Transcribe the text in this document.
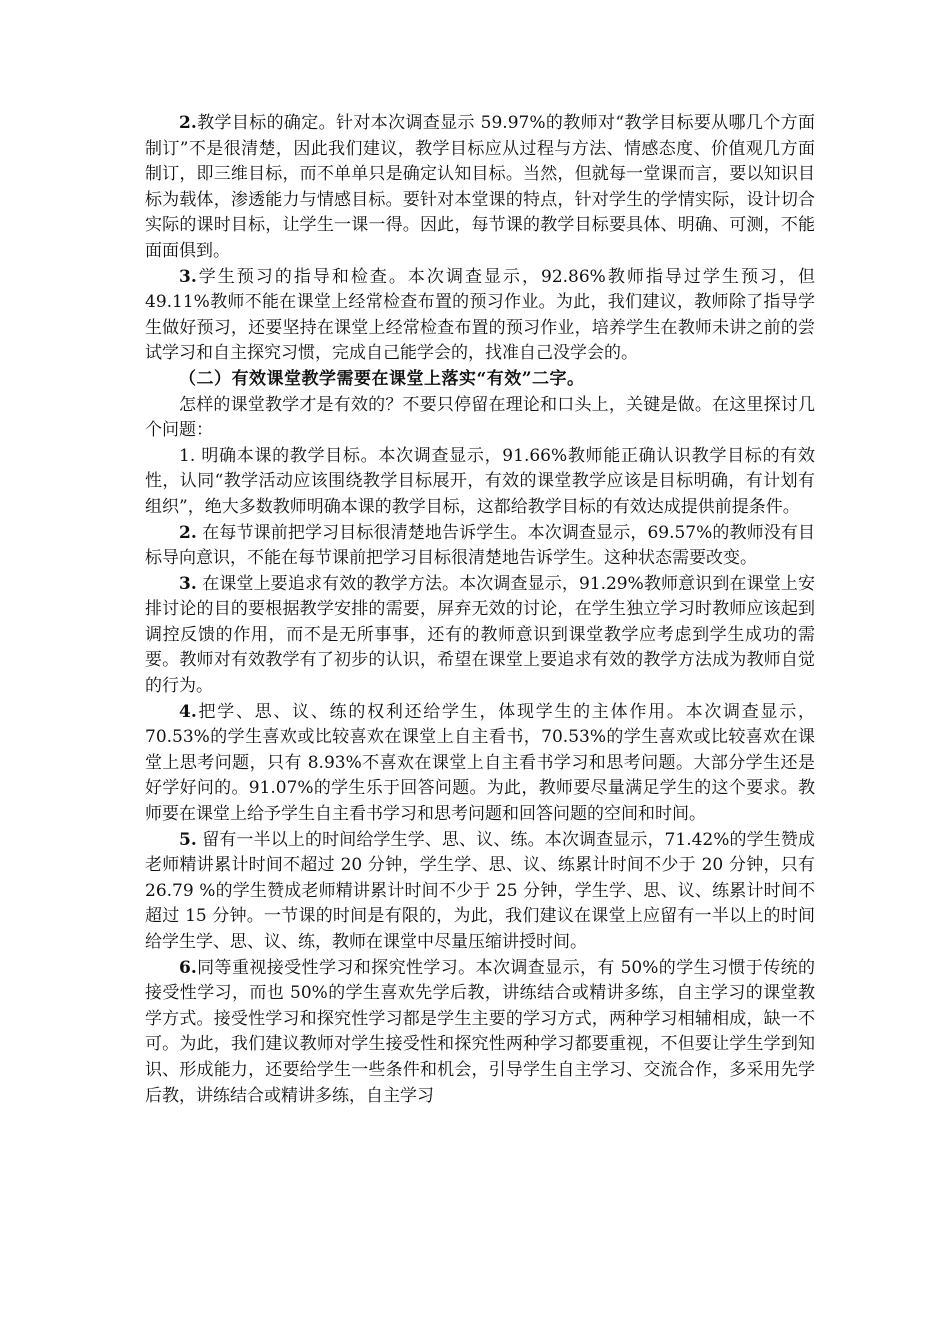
2.教学目标的确定。针对本次调查显示 59.97%的教师对“教学目标要从哪几个方面制订”不是很清楚，因此我们建议，教学目标应从过程与方法、情感态度、价值观几方面制订，即三维目标，而不单单只是确定认知目标。当然，但就每一堂课而言，要以知识目标为载体，渗透能力与情感目标。要针对本堂课的特点，针对学生的学情实际，设计切合实际的课时目标，让学生一课一得。因此，每节课的教学目标要具体、明确、可测，不能面面俱到。

3.学生预习的指导和检查。本次调查显示，92.86%教师指导过学生预习，但49.11%教师不能在课堂上经常检查布置的预习作业。为此，我们建议，教师除了指导学生做好预习，还要坚持在课堂上经常检查布置的预习作业，培养学生在教师未讲之前的尝试学习和自主探究习惯，完成自己能学会的，找准自己没学会的。

（二）有效课堂教学需要在课堂上落实“有效”二字。

怎样的课堂教学才是有效的？不要只停留在理论和口头上，关键是做。在这里探讨几个问题：

1. 明确本课的教学目标。本次调查显示，91.66%教师能正确认识教学目标的有效性，认同“教学活动应该围绕教学目标展开，有效的课堂教学应该是目标明确，有计划有组织”，绝大多数教师明确本课的教学目标，这都给教学目标的有效达成提供前提条件。

2. 在每节课前把学习目标很清楚地告诉学生。本次调查显示，69.57%的教师没有目标导向意识，不能在每节课前把学习目标很清楚地告诉学生。这种状态需要改变。

3. 在课堂上要追求有效的教学方法。本次调查显示，91.29%教师意识到在课堂上安排讨论的目的要根据教学安排的需要，屏弃无效的讨论，在学生独立学习时教师应该起到调控反馈的作用，而不是无所事事，还有的教师意识到课堂教学应考虑到学生成功的需要。教师对有效教学有了初步的认识，希望在课堂上要追求有效的教学方法成为教师自觉的行为。

4.把学、思、议、练的权利还给学生，体现学生的主体作用。本次调查显示，70.53%的学生喜欢或比较喜欢在课堂上自主看书，70.53%的学生喜欢或比较喜欢在课堂上思考问题，只有 8.93%不喜欢在课堂上自主看书学习和思考问题。大部分学生还是好学好问的。91.07%的学生乐于回答问题。为此，教师要尽量满足学生的这个要求。教师要在课堂上给予学生自主看书学习和思考问题和回答问题的空间和时间。

5. 留有一半以上的时间给学生学、思、议、练。本次调查显示，71.42%的学生赞成老师精讲累计时间不超过 20 分钟，学生学、思、议、练累计时间不少于 20 分钟，只有 26.79 %的学生赞成老师精讲累计时间不少于 25 分钟，学生学、思、议、练累计时间不超过 15 分钟。一节课的时间是有限的，为此，我们建议在课堂上应留有一半以上的时间给学生学、思、议、练，教师在课堂中尽量压缩讲授时间。

6.同等重视接受性学习和探究性学习。本次调查显示，有 50%的学生习惯于传统的接受性学习，而也 50%的学生喜欢先学后教，讲练结合或精讲多练，自主学习的课堂教学方式。接受性学习和探究性学习都是学生主要的学习方式，两种学习相辅相成，缺一不可。为此，我们建议教师对学生接受性和探究性两种学习都要重视，不但要让学生学到知识、形成能力，还要给学生一些条件和机会，引导学生自主学习、交流合作，多采用先学后教，讲练结合或精讲多练，自主学习
